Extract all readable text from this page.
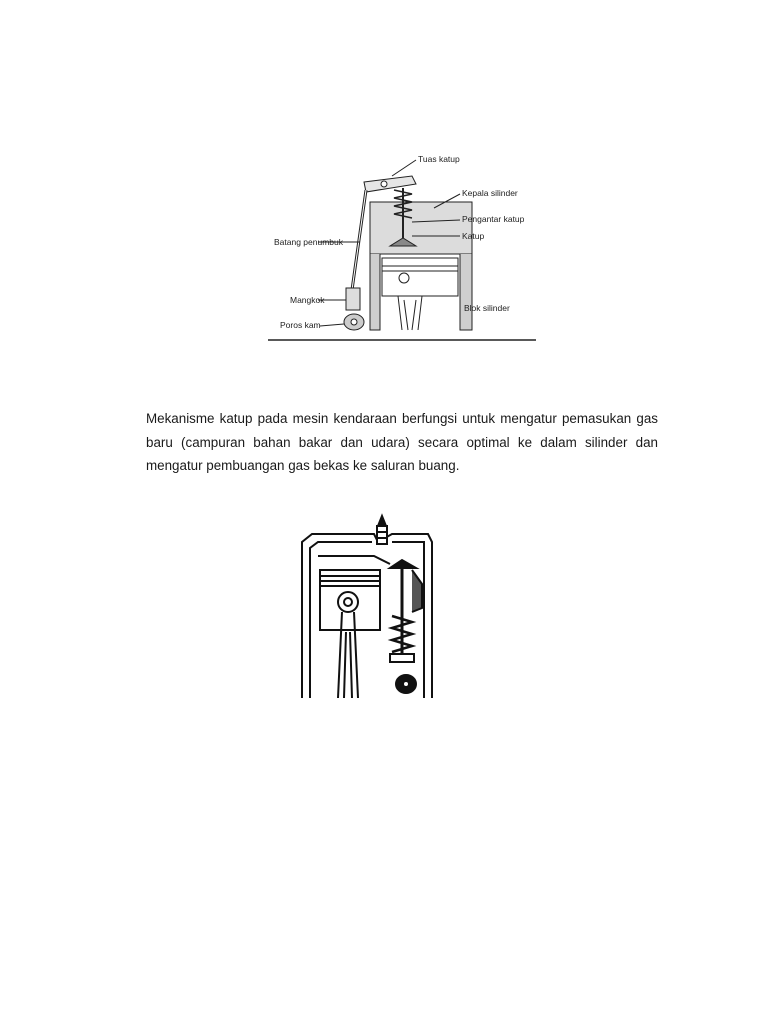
Tuas katup
Kepala silinder
Pengantar katup
Katup
Batang penumbuk
Mangkok
Blok silinder
Poros kam

Mekanisme katup pada mesin kendaraan berfungsi untuk mengatur pemasukan gas baru (campuran bahan bakar dan udara) secara optimal ke dalam silinder dan mengatur pembuangan gas bekas ke saluran buang.
